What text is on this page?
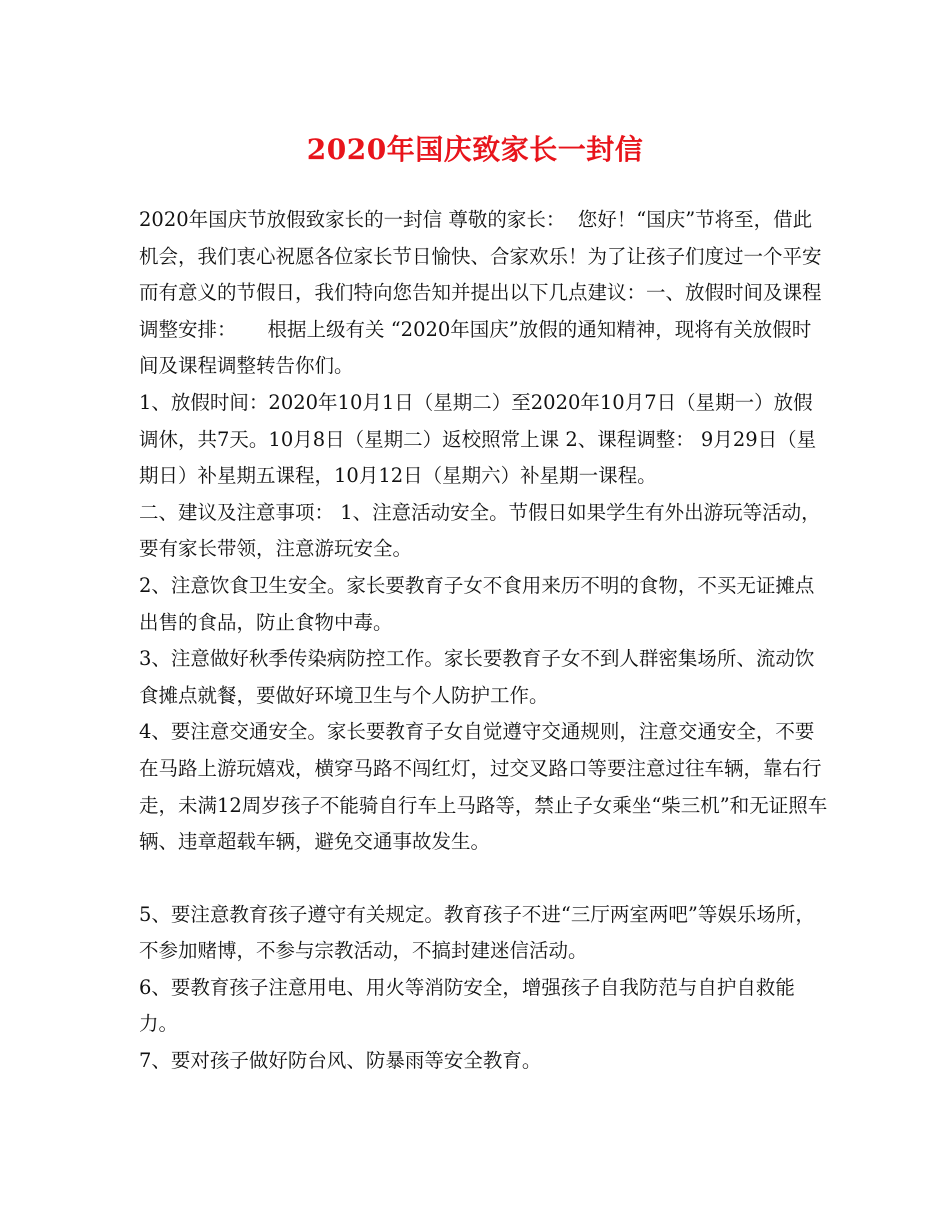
2020年国庆致家长一封信

2020年国庆节放假致家长的一封信 尊敬的家长：  您好！“国庆”节将至，借此机会，我们衷心祝愿各位家长节日愉快、合家欢乐！为了让孩子们度过一个平安而有意义的节假日，我们特向您告知并提出以下几点建议：一、放假时间及课程调整安排：     根据上级有关 “2020年国庆”放假的通知精神，现将有关放假时间及课程调整转告你们。

1、放假时间：2020年10月1日（星期二）至2020年10月7日（星期一）放假调休，共7天。10月8日（星期二）返校照常上课 2、课程调整： 9月29日（星期日）补星期五课程，10月12日（星期六）补星期一课程。

二、建议及注意事项： 1、注意活动安全。节假日如果学生有外出游玩等活动，要有家长带领，注意游玩安全。

2、注意饮食卫生安全。家长要教育子女不食用来历不明的食物，不买无证摊点出售的食品，防止食物中毒。

3、注意做好秋季传染病防控工作。家长要教育子女不到人群密集场所、流动饮食摊点就餐，要做好环境卫生与个人防护工作。

4、要注意交通安全。家长要教育子女自觉遵守交通规则，注意交通安全，不要在马路上游玩嬉戏，横穿马路不闯红灯，过交叉路口等要注意过往车辆，靠右行走，未满12周岁孩子不能骑自行车上马路等，禁止子女乘坐“柴三机”和无证照车辆、违章超载车辆，避免交通事故发生。

5、要注意教育孩子遵守有关规定。教育孩子不进“三厅两室两吧”等娱乐场所，不参加赌博，不参与宗教活动，不搞封建迷信活动。

6、要教育孩子注意用电、用火等消防安全，增强孩子自我防范与自护自救能力。

7、要对孩子做好防台风、防暴雨等安全教育。
